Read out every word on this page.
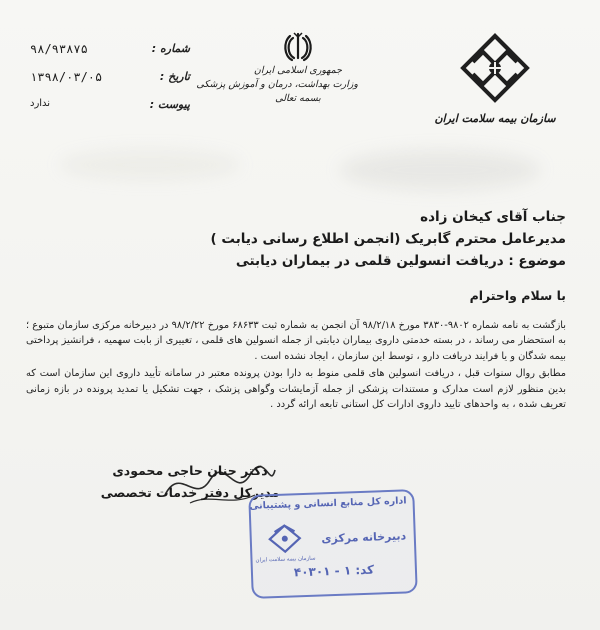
شماره :
۹۸/۹۳۸۷۵
تاریخ :
۱۳۹۸/۰۳/۰۵
پیوست :
ندارد
جمهوری اسلامی ایران
وزارت بهداشت، درمان و آموزش پزشکی
بسمه تعالی
سازمان بیمه سلامت ایران
جناب آقای کیخان زاده
مدیرعامل محترم گابریک (انجمن اطلاع رسانی دیابت )
موضوع : دریافت انسولین قلمی در بیماران دیابتی
با سلام واحترام

بازگشت به نامه شماره ۹۸۰۲-۳۸۳۰ مورخ ۹۸/۲/۱۸ آن انجمن به شماره ثبت ۶۸۶۳۳ مورخ ۹۸/۲/۲۲ در دبیرخانه مرکزی سازمان متبوع ؛ به استحضار می رساند ، در بسته خدمتی داروی بیماران دیابتی از جمله انسولین های قلمی ، تغییری از بابت سهمیه ، فرانشیز پرداختی بیمه شدگان و یا فرایند دریافت دارو ، توسط این سازمان ، ایجاد نشده است .

مطابق روال سنوات قبل ، دریافت انسولین های قلمی منوط به دارا بودن پرونده معتبر در سامانه تأیید داروی این سازمان است که بدین منظور لازم است مدارک و مستندات پزشکی از جمله آزمایشات وگواهی پزشک ، جهت تشکیل یا تمدید پرونده در بازه زمانی تعریف شده ، به واحدهای تایید داروی ادارات کل استانی تابعه ارائه گردد .

دکتر حنان حاجی محمودی
مدیرکل دفتر خدمات تخصصی
اداره کل منابع انسانی و پشتیبانی
دبیرخانه مرکزی
سازمان بیمه سلامت ایران
کد: ۱ - ۴۰۳۰۱
